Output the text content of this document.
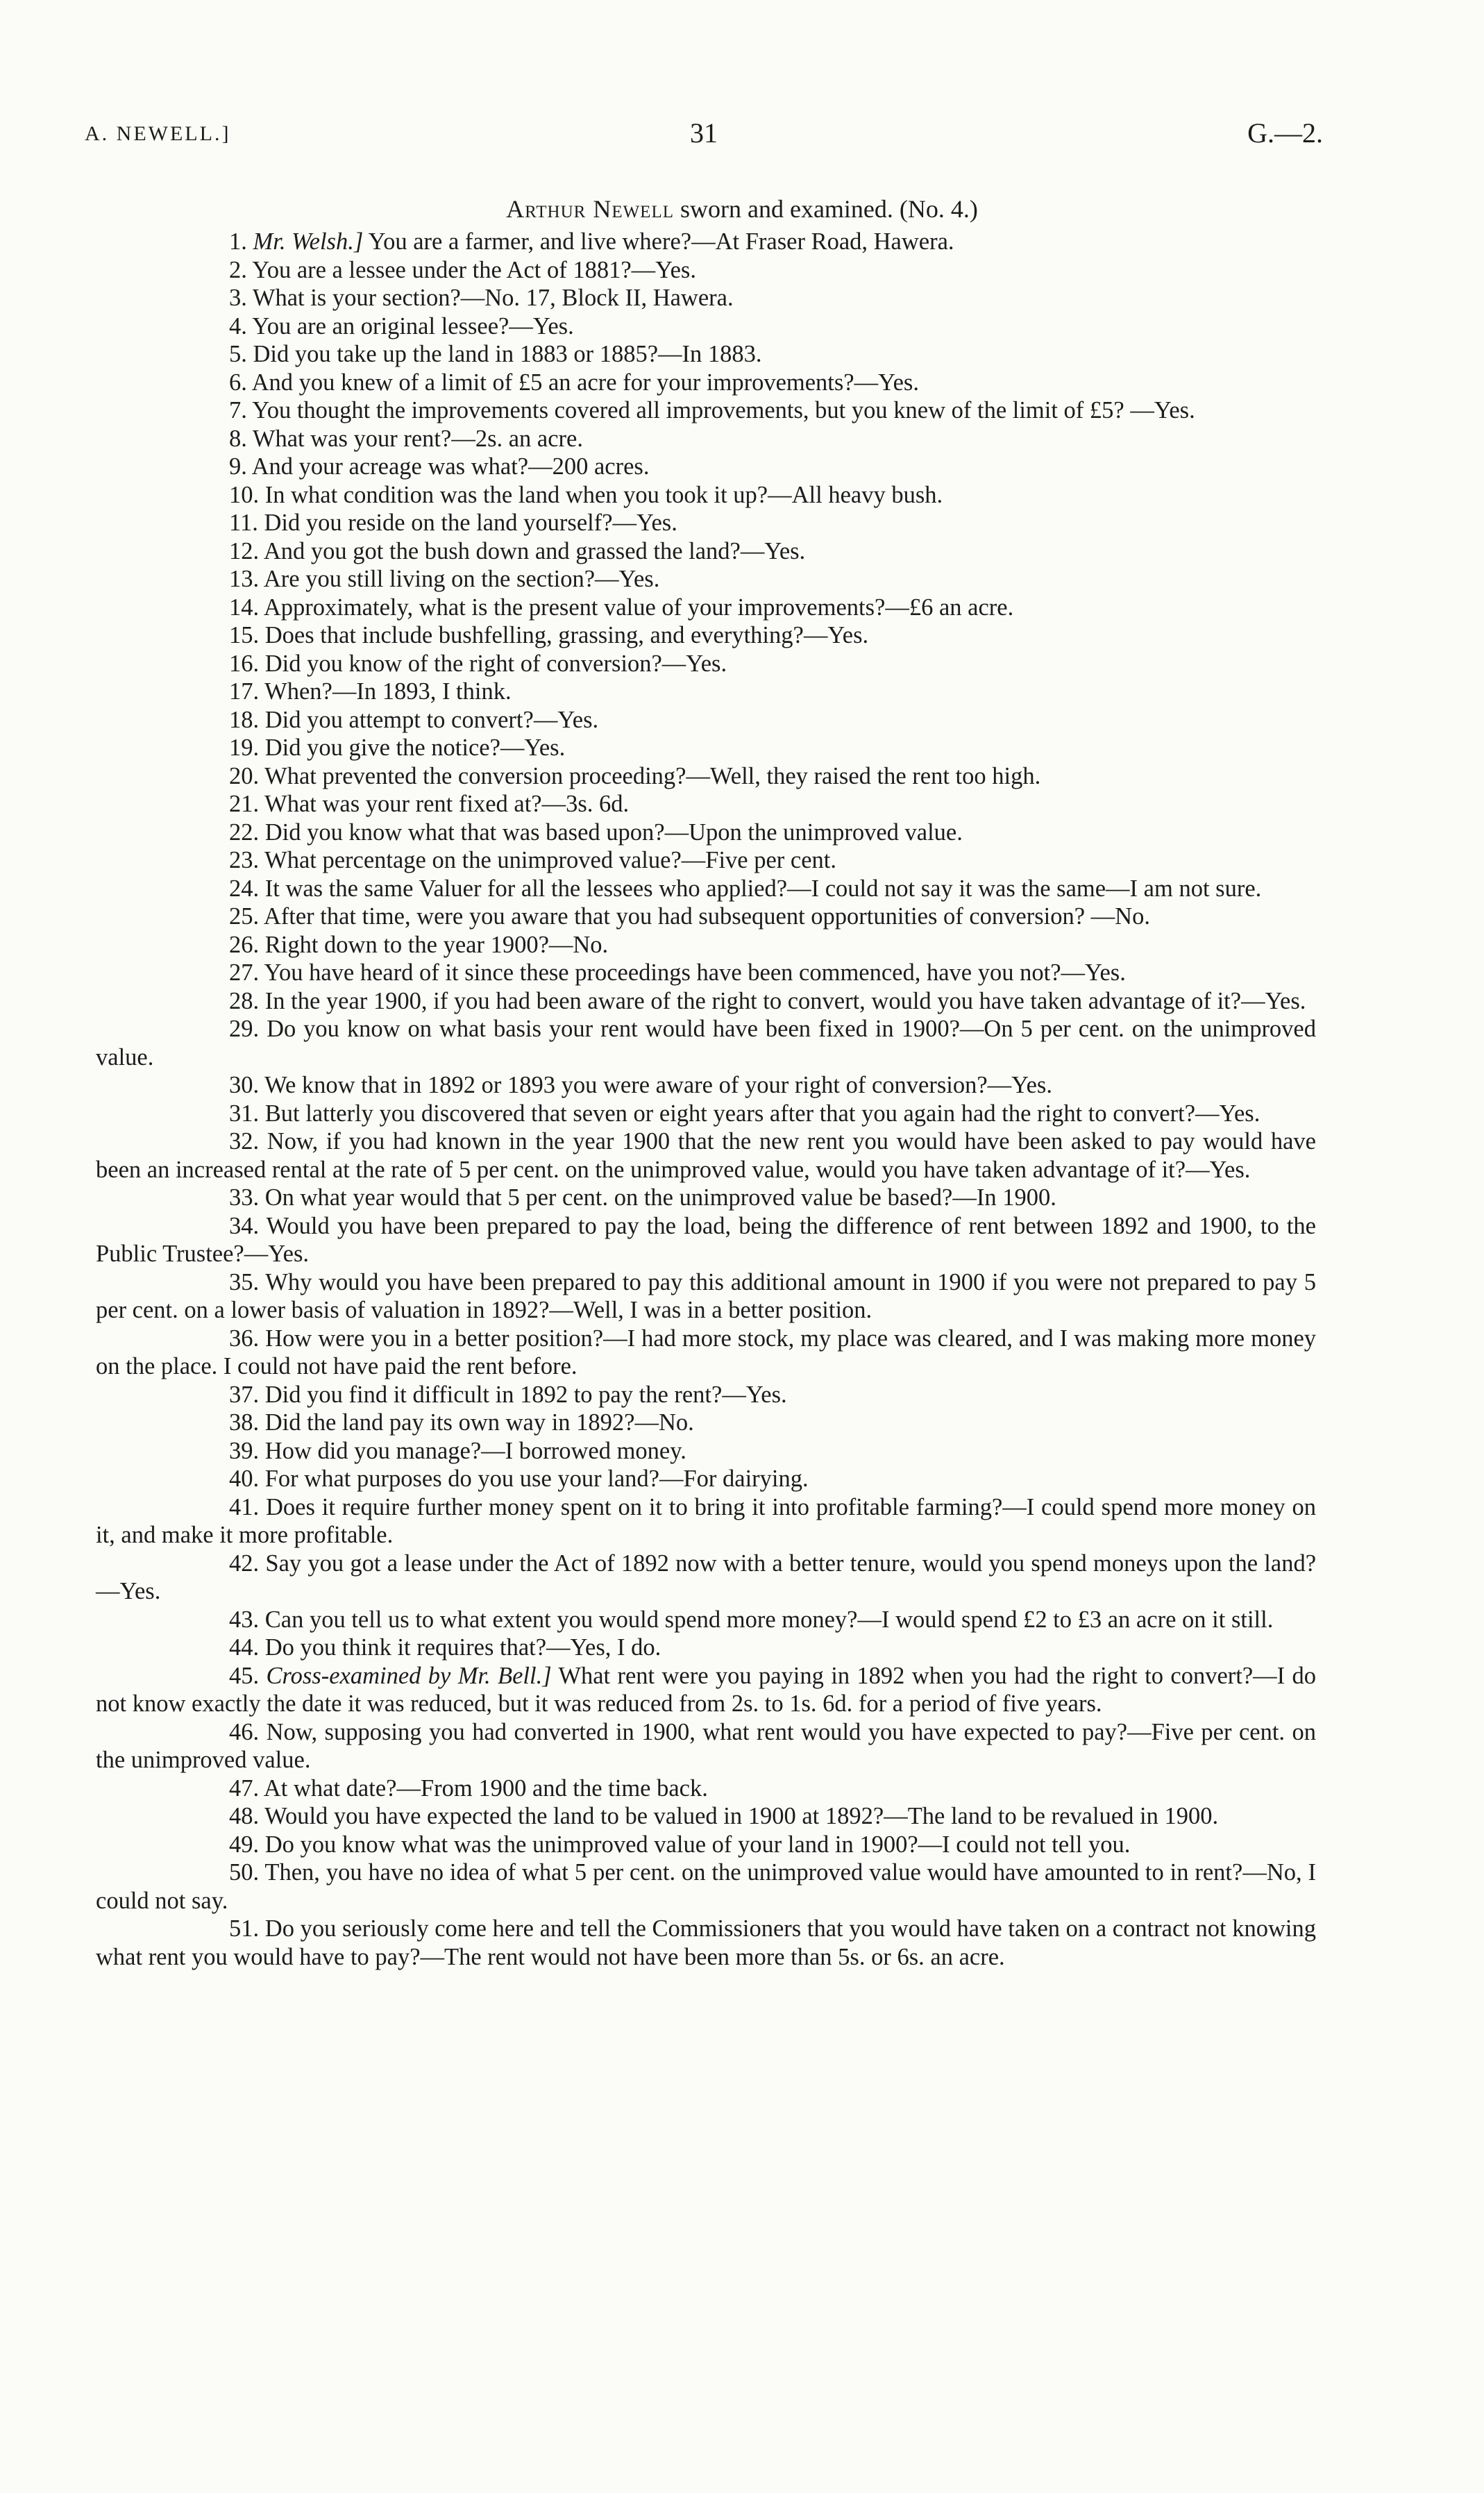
A. NEWELL.]	31	G.—2.
Arthur Newell sworn and examined. (No. 4.)

1. Mr. Welsh.] You are a farmer, and live where?—At Fraser Road, Hawera.

2. You are a lessee under the Act of 1881?—Yes.

3. What is your section?—No. 17, Block II, Hawera.

4. You are an original lessee?—Yes.

5. Did you take up the land in 1883 or 1885?—In 1883.

6. And you knew of a limit of £5 an acre for your improvements?—Yes.

7. You thought the improvements covered all improvements, but you knew of the limit of £5? —Yes.

8. What was your rent?—2s. an acre.

9. And your acreage was what?—200 acres.

10. In what condition was the land when you took it up?—All heavy bush.

11. Did you reside on the land yourself?—Yes.

12. And you got the bush down and grassed the land?—Yes.

13. Are you still living on the section?—Yes.

14. Approximately, what is the present value of your improvements?—£6 an acre.

15. Does that include bushfelling, grassing, and everything?—Yes.

16. Did you know of the right of conversion?—Yes.

17. When?—In 1893, I think.

18. Did you attempt to convert?—Yes.

19. Did you give the notice?—Yes.

20. What prevented the conversion proceeding?—Well, they raised the rent too high.

21. What was your rent fixed at?—3s. 6d.

22. Did you know what that was based upon?—Upon the unimproved value.

23. What percentage on the unimproved value?—Five per cent.

24. It was the same Valuer for all the lessees who applied?—I could not say it was the same—I am not sure.

25. After that time, were you aware that you had subsequent opportunities of conversion? —No.

26. Right down to the year 1900?—No.

27. You have heard of it since these proceedings have been commenced, have you not?—Yes.

28. In the year 1900, if you had been aware of the right to convert, would you have taken advantage of it?—Yes.

29. Do you know on what basis your rent would have been fixed in 1900?—On 5 per cent. on the unimproved value.

30. We know that in 1892 or 1893 you were aware of your right of conversion?—Yes.

31. But latterly you discovered that seven or eight years after that you again had the right to convert?—Yes.

32. Now, if you had known in the year 1900 that the new rent you would have been asked to pay would have been an increased rental at the rate of 5 per cent. on the unimproved value, would you have taken advantage of it?—Yes.

33. On what year would that 5 per cent. on the unimproved value be based?—In 1900.

34. Would you have been prepared to pay the load, being the difference of rent between 1892 and 1900, to the Public Trustee?—Yes.

35. Why would you have been prepared to pay this additional amount in 1900 if you were not prepared to pay 5 per cent. on a lower basis of valuation in 1892?—Well, I was in a better position.

36. How were you in a better position?—I had more stock, my place was cleared, and I was making more money on the place. I could not have paid the rent before.

37. Did you find it difficult in 1892 to pay the rent?—Yes.

38. Did the land pay its own way in 1892?—No.

39. How did you manage?—I borrowed money.

40. For what purposes do you use your land?—For dairying.

41. Does it require further money spent on it to bring it into profitable farming?—I could spend more money on it, and make it more profitable.

42. Say you got a lease under the Act of 1892 now with a better tenure, would you spend moneys upon the land?—Yes.

43. Can you tell us to what extent you would spend more money?—I would spend £2 to £3 an acre on it still.

44. Do you think it requires that?—Yes, I do.

45. Cross-examined by Mr. Bell.] What rent were you paying in 1892 when you had the right to convert?—I do not know exactly the date it was reduced, but it was reduced from 2s. to 1s. 6d. for a period of five years.

46. Now, supposing you had converted in 1900, what rent would you have expected to pay?—Five per cent. on the unimproved value.

47. At what date?—From 1900 and the time back.

48. Would you have expected the land to be valued in 1900 at 1892?—The land to be revalued in 1900.

49. Do you know what was the unimproved value of your land in 1900?—I could not tell you.

50. Then, you have no idea of what 5 per cent. on the unimproved value would have amounted to in rent?—No, I could not say.

51. Do you seriously come here and tell the Commissioners that you would have taken on a contract not knowing what rent you would have to pay?—The rent would not have been more than 5s. or 6s. an acre.
